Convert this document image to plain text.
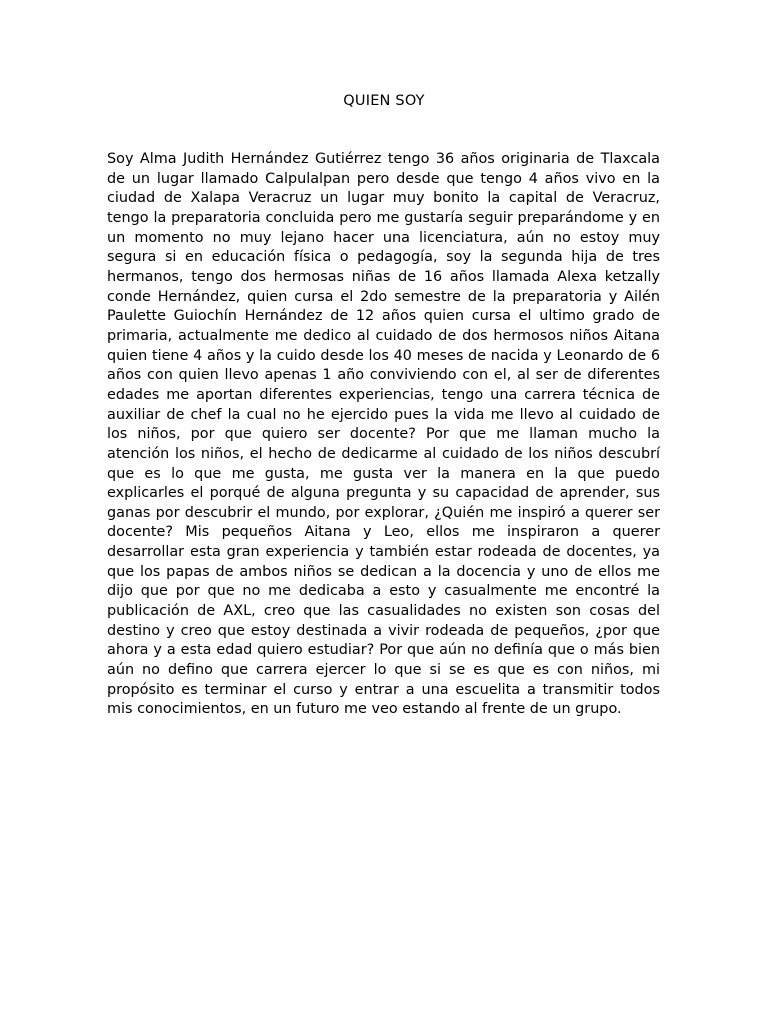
QUIEN SOY

Soy Alma Judith Hernández Gutiérrez tengo 36 años originaria de Tlaxcala de un lugar llamado Calpulalpan pero desde que tengo 4 años vivo en la ciudad de Xalapa Veracruz un lugar muy bonito la capital de Veracruz, tengo la preparatoria concluida pero me gustaría seguir preparándome y en un momento no muy lejano hacer una licenciatura, aún no estoy muy segura si en educación física o pedagogía, soy la segunda hija de tres hermanos, tengo dos hermosas niñas de 16 años llamada Alexa ketzally conde Hernández, quien cursa el 2do semestre de la preparatoria y Ailén Paulette Guiochín Hernández de 12 años quien cursa el ultimo grado de primaria, actualmente me dedico al cuidado de dos hermosos niños Aitana quien tiene 4 años y la cuido desde los 40 meses de nacida y Leonardo de 6 años con quien llevo apenas 1 año conviviendo con el, al ser de diferentes edades me aportan diferentes experiencias, tengo una carrera técnica de auxiliar de chef la cual no he ejercido pues la vida me llevo al cuidado de los niños, por que quiero ser docente? Por que me llaman mucho la atención los niños, el hecho de dedicarme al cuidado de los niños descubrí que es lo que me gusta, me gusta ver la manera en la que puedo explicarles el porqué de alguna pregunta y su capacidad de aprender, sus ganas por descubrir el mundo, por explorar, ¿Quién me inspiró a querer ser docente? Mis pequeños Aitana y Leo, ellos me inspiraron a querer desarrollar esta gran experiencia y también estar rodeada de docentes, ya que los papas de ambos niños se dedican a la docencia y uno de ellos me dijo que por que no me dedicaba a esto y casualmente me encontré la publicación de AXL, creo que las casualidades no existen son cosas del destino y creo que estoy destinada a vivir rodeada de pequeños, ¿por que ahora y a esta edad quiero estudiar? Por que aún no definía que o más bien aún no defino que carrera ejercer lo que si se es que es con niños, mi propósito es terminar el curso y entrar a una escuelita a transmitir todos mis conocimientos, en un futuro me veo estando al frente de un grupo.
